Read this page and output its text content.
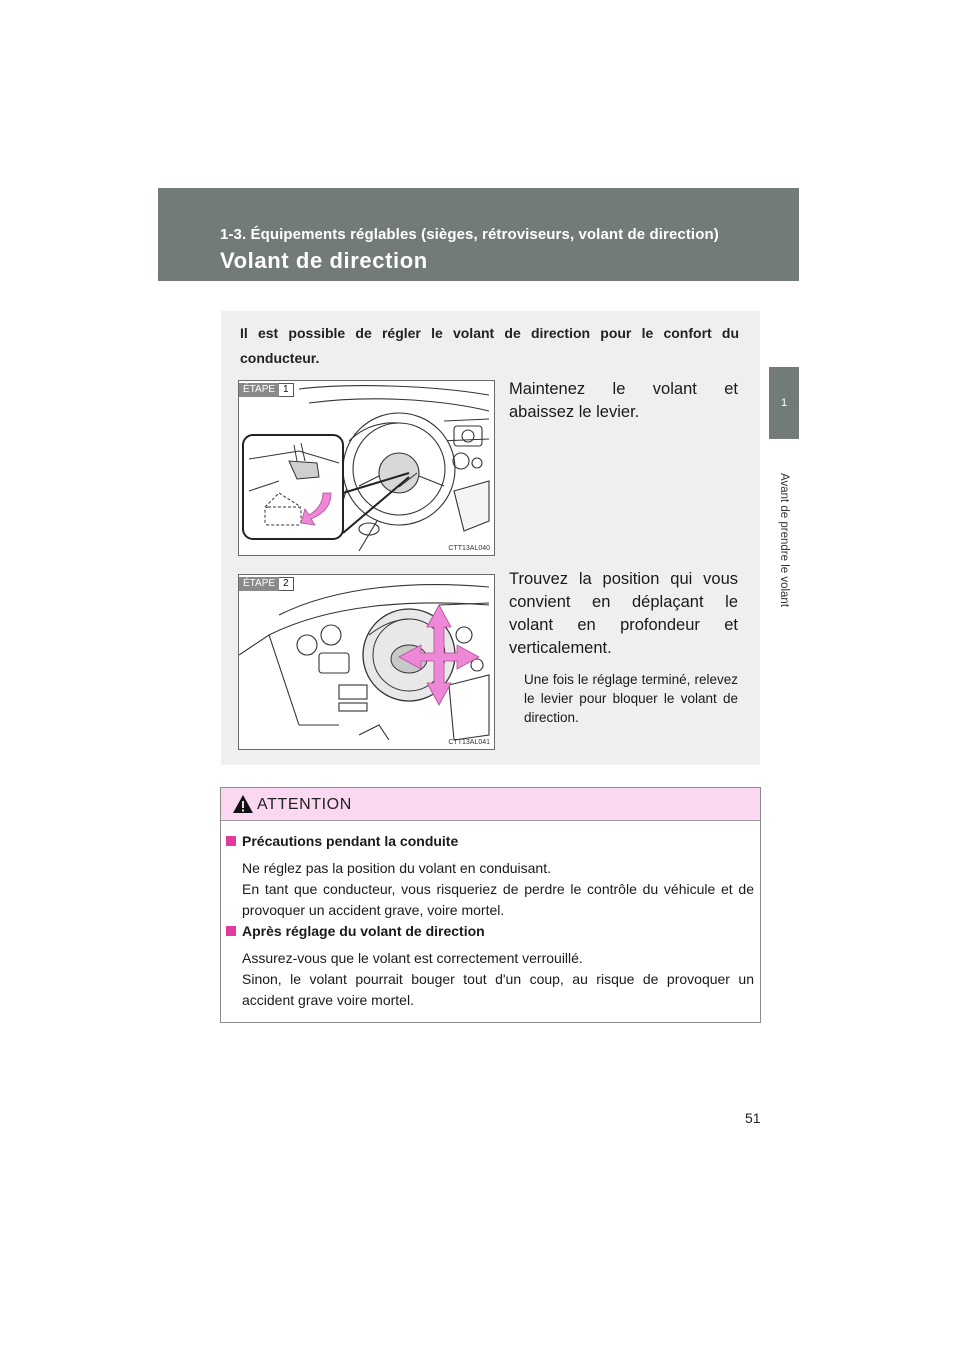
1-3. Équipements réglables (sièges, rétroviseurs, volant de direction)
Volant de direction
1
Avant de prendre le volant
Il est possible de régler le volant de direction pour le confort du conducteur.
ÉTAPE 1
CTT13AL040
Maintenez le volant et
abaissez le levier.
ÉTAPE 2
CTT13AL041
Trouvez la position qui vous
convient en déplaçant le
volant en profondeur et
verticalement.
Une fois le réglage terminé, relevez le levier pour bloquer le volant de direction.
ATTENTION
Précautions pendant la conduite
Ne réglez pas la position du volant en conduisant.
En tant que conducteur, vous risqueriez de perdre le contrôle du véhicule et de provoquer un accident grave, voire mortel.
Après réglage du volant de direction
Assurez-vous que le volant est correctement verrouillé.
Sinon, le volant pourrait bouger tout d'un coup, au risque de provoquer un accident grave voire mortel.
51
